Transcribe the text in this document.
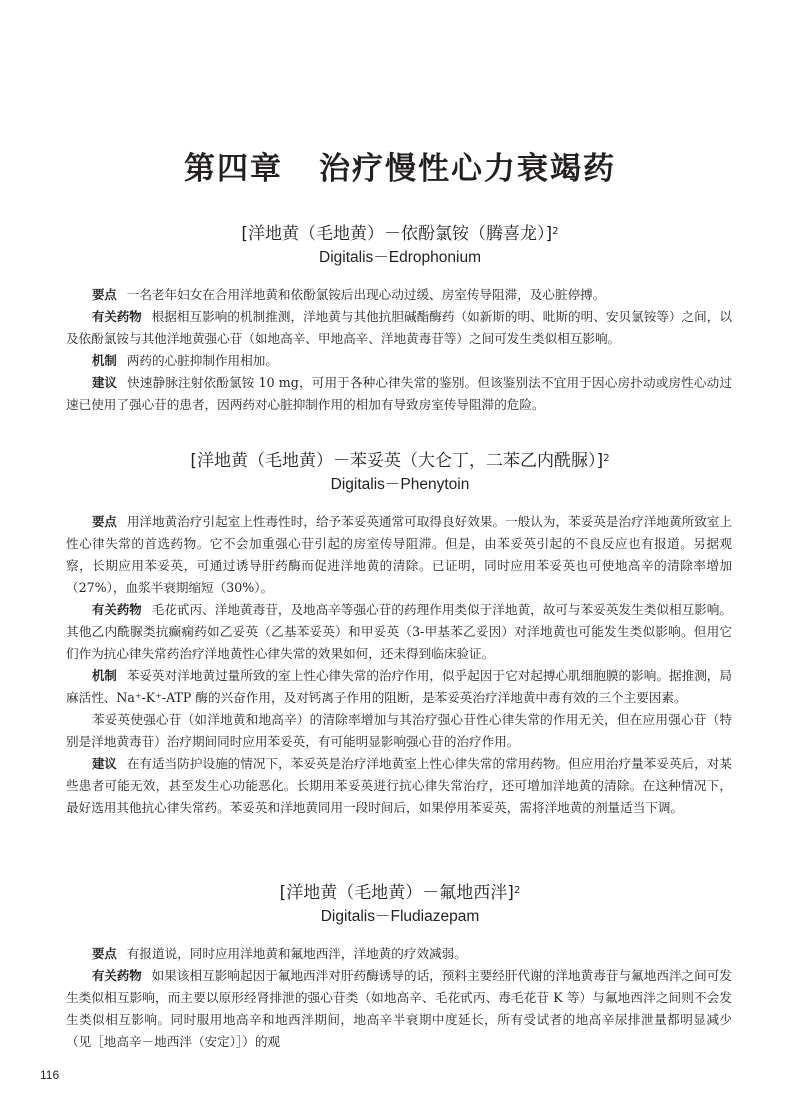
第四章 治疗慢性心力衰竭药
[洋地黄（毛地黄）－依酚氯铵（腾喜龙）]$^2$
Digitalis－Edrophonium

要点 一名老年妇女在合用洋地黄和依酚氯铵后出现心动过缓、房室传导阻滞，及心脏停搏。

有关药物 根据相互影响的机制推测，洋地黄与其他抗胆碱酯酶药（如新斯的明、吡斯的明、安贝氯铵等）之间，以及依酚氯铵与其他洋地黄强心苷（如地高辛、甲地高辛、洋地黄毒苷等）之间可发生类似相互影响。

机制 两药的心脏抑制作用相加。

建议 快速静脉注射依酚氯铵 10 mg，可用于各种心律失常的鉴别。但该鉴别法不宜用于因心房扑动或房性心动过速已使用了强心苷的患者，因两药对心脏抑制作用的相加有导致房室传导阻滞的危险。

[洋地黄（毛地黄）－苯妥英（大仑丁，二苯乙内酰脲）]$^2$
Digitalis－Phenytoin

要点 用洋地黄治疗引起室上性毒性时，给予苯妥英通常可取得良好效果。一般认为，苯妥英是治疗洋地黄所致室上性心律失常的首选药物。它不会加重强心苷引起的房室传导阻滞。但是，由苯妥英引起的不良反应也有报道。另据观察，长期应用苯妥英，可通过诱导肝药酶而促进洋地黄的清除。已证明，同时应用苯妥英也可使地高辛的清除率增加（27%），血浆半衰期缩短（30%）。

有关药物 毛花甙丙、洋地黄毒苷，及地高辛等强心苷的药理作用类似于洋地黄，故可与苯妥英发生类似相互影响。其他乙内酰脲类抗癫痫药如乙妥英（乙基苯妥英）和甲妥英（3-甲基苯乙妥因）对洋地黄也可能发生类似影响。但用它们作为抗心律失常药治疗洋地黄性心律失常的效果如何，还未得到临床验证。

机制 苯妥英对洋地黄过量所致的室上性心律失常的治疗作用，似乎起因于它对起搏心肌细胞膜的影响。据推测，局麻活性、Na⁺-K⁺-ATP 酶的兴奋作用，及对钙离子作用的阻断，是苯妥英治疗洋地黄中毒有效的三个主要因素。

苯妥英使强心苷（如洋地黄和地高辛）的清除率增加与其治疗强心苷性心律失常的作用无关，但在应用强心苷（特别是洋地黄毒苷）治疗期间同时应用苯妥英，有可能明显影响强心苷的治疗作用。

建议 在有适当防护设施的情况下，苯妥英是治疗洋地黄室上性心律失常的常用药物。但应用治疗量苯妥英后，对某些患者可能无效，甚至发生心功能恶化。长期用苯妥英进行抗心律失常治疗，还可增加洋地黄的清除。在这种情况下，最好选用其他抗心律失常药。苯妥英和洋地黄同用一段时间后，如果停用苯妥英，需将洋地黄的剂量适当下调。

[洋地黄（毛地黄）－氟地西泮]$^2$
Digitalis－Fludiazepam

要点 有报道说，同时应用洋地黄和氟地西泮，洋地黄的疗效减弱。

有关药物 如果该相互影响起因于氟地西泮对肝药酶诱导的话，预料主要经肝代谢的洋地黄毒苷与氟地西泮之间可发生类似相互影响，而主要以原形经肾排泄的强心苷类（如地高辛、毛花甙丙、毒毛花苷 K 等）与氟地西泮之间则不会发生类似相互影响。同时服用地高辛和地西泮期间，地高辛半衰期中度延长，所有受试者的地高辛尿排泄量都明显减少（见［地高辛－地西泮（安定）］）的观

116
